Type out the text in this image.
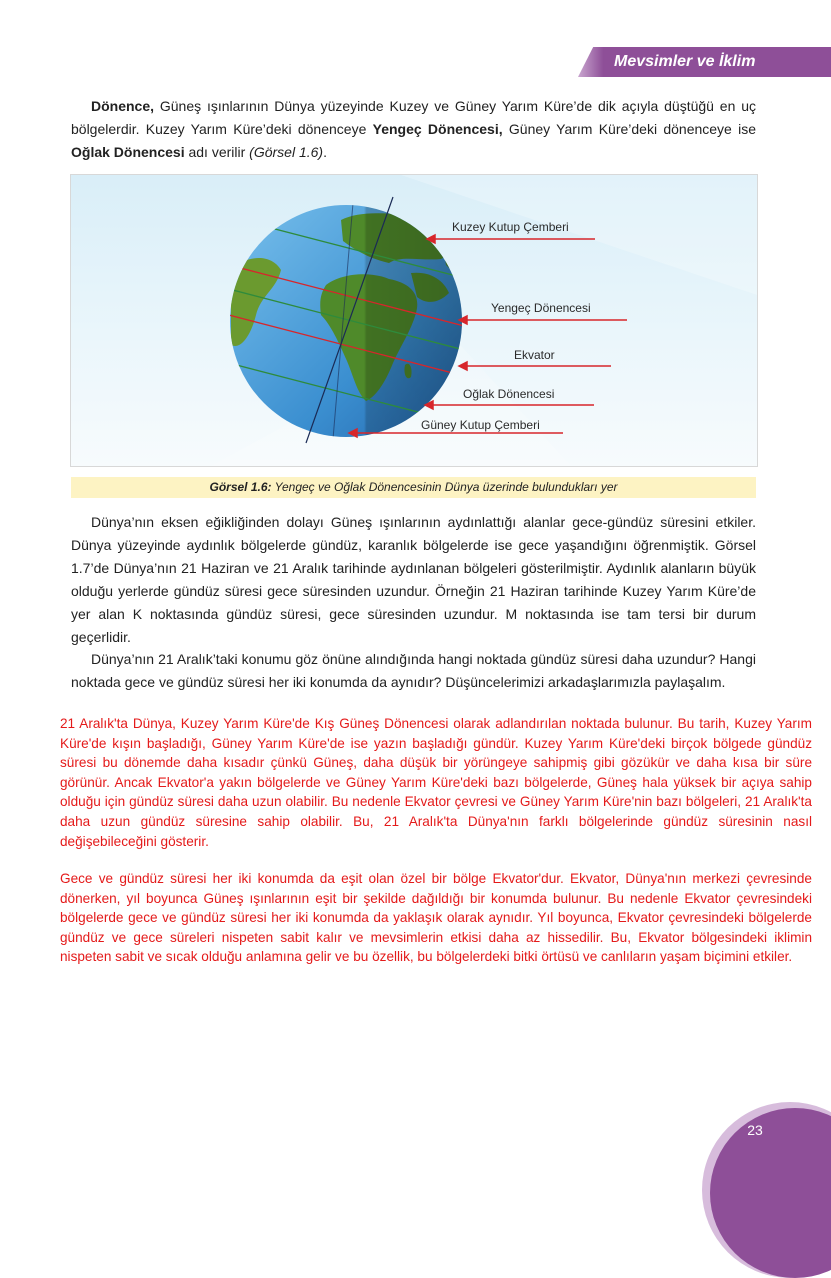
Mevsimler ve İklim

Dönence, Güneş ışınlarının Dünya yüzeyinde Kuzey ve Güney Yarım Küre’de dik açıyla düştüğü en uç bölgelerdir. Kuzey Yarım Küre’deki dönenceye Yengeç Dönencesi, Güney Yarım Küre’deki dönenceye ise Oğlak Dönencesi adı verilir (Görsel 1.6).

Kuzey Kutup Çemberi
Yengeç Dönencesi
Ekvator
Oğlak Dönencesi
Güney Kutup Çemberi
Görsel 1.6: Yengeç ve Oğlak Dönencesinin Dünya üzerinde bulundukları yer

Dünya’nın eksen eğikliğinden dolayı Güneş ışınlarının aydınlattığı alanlar gece-gündüz süresini etkiler. Dünya yüzeyinde aydınlık bölgelerde gündüz, karanlık bölgelerde ise gece yaşandığını öğrenmiştik. Görsel 1.7’de Dünya’nın 21 Haziran ve 21 Aralık tarihinde aydınlanan bölgeleri gösterilmiştir. Aydınlık alanların büyük olduğu yerlerde gündüz süresi gece süresinden uzundur. Örneğin 21 Haziran tarihinde Kuzey Yarım Küre’de yer alan K noktasında gündüz süresi, gece süresinden uzundur. M noktasında ise tam tersi bir durum geçerlidir.

Dünya’nın 21 Aralık’taki konumu göz önüne alındığında hangi noktada gündüz süresi daha uzundur? Hangi noktada gece ve gündüz süresi her iki konumda da aynıdır? Düşüncelerimizi arkadaşlarımızla paylaşalım.

21 Aralık'ta Dünya, Kuzey Yarım Küre'de Kış Güneş Dönencesi olarak adlandırılan noktada bulunur. Bu tarih, Kuzey Yarım Küre'de kışın başladığı, Güney Yarım Küre'de ise yazın başladığı gündür. Kuzey Yarım Küre'deki birçok bölgede gündüz süresi bu dönemde daha kısadır çünkü Güneş, daha düşük bir yörüngeye sahipmiş gibi gözükür ve daha kısa bir süre görünür. Ancak Ekvator'a yakın bölgelerde ve Güney Yarım Küre'deki bazı bölgelerde, Güneş hala yüksek bir açıya sahip olduğu için gündüz süresi daha uzun olabilir. Bu nedenle Ekvator çevresi ve Güney Yarım Küre'nin bazı bölgeleri, 21 Aralık'ta daha uzun gündüz süresine sahip olabilir. Bu, 21 Aralık'ta Dünya'nın farklı bölgelerinde gündüz süresinin nasıl değişebileceğini gösterir.

Gece ve gündüz süresi her iki konumda da eşit olan özel bir bölge Ekvator'dur. Ekvator, Dünya'nın merkezi çevresinde dönerken, yıl boyunca Güneş ışınlarının eşit bir şekilde dağıldığı bir konumda bulunur. Bu nedenle Ekvator çevresindeki bölgelerde gece ve gündüz süresi her iki konumda da yaklaşık olarak aynıdır. Yıl boyunca, Ekvator çevresindeki bölgelerde gündüz ve gece süreleri nispeten sabit kalır ve mevsimlerin etkisi daha az hissedilir. Bu, Ekvator bölgesindeki iklimin nispeten sabit ve sıcak olduğu anlamına gelir ve bu özellik, bu bölgelerdeki bitki örtüsü ve canlıların yaşam biçimini etkiler.

23
